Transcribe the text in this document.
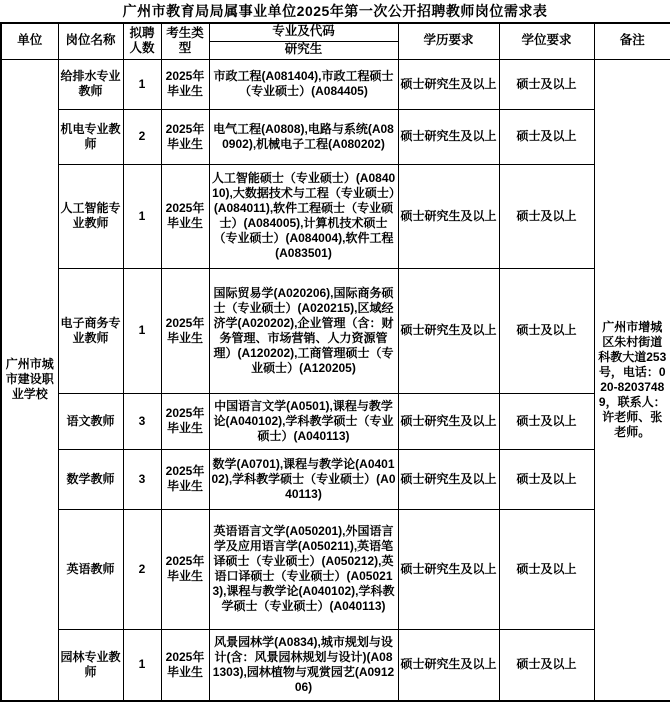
广州市教育局局属事业单位2025年第一次公开招聘教师岗位需求表
单位	岗位名称	拟聘人数	考生类型	专业及代码	学历要求	学位要求	备注
				研究生			
广州市城市建设职业学校	给排水专业教师	1	2025年毕业生	市政工程(A081404),市政工程硕士（专业硕士）(A084405)	硕士研究生及以上	硕士及以上	广州市增城区朱村街道科教大道253号，电话：020-82037489，联系人：许老师、张老师。
	机电专业教师	2	2025年毕业生	电气工程(A0808),电路与系统(A080902),机械电子工程(A080202)	硕士研究生及以上	硕士及以上	
	人工智能专业教师	1	2025年毕业生	人工智能硕士（专业硕士）(A084010),大数据技术与工程（专业硕士）(A084011),软件工程硕士（专业硕士）(A084005),计算机技术硕士（专业硕士）(A084004),软件工程(A083501)	硕士研究生及以上	硕士及以上	
	电子商务专业教师	1	2025年毕业生	国际贸易学(A020206),国际商务硕士（专业硕士）(A020215),区域经济学(A020202),企业管理（含：财务管理、市场营销、人力资源管理）(A120202),工商管理硕士（专业硕士）(A120205)	硕士研究生及以上	硕士及以上	
	语文教师	3	2025年毕业生	中国语言文学(A0501),课程与教学论(A040102),学科教学硕士（专业硕士）(A040113)	硕士研究生及以上	硕士及以上	
	数学教师	3	2025年毕业生	数学(A0701),课程与教学论(A040102),学科教学硕士（专业硕士）(A040113)	硕士研究生及以上	硕士及以上	
	英语教师	2	2025年毕业生	英语语言文学(A050201),外国语言学及应用语言学(A050211),英语笔译硕士（专业硕士）(A050212),英语口译硕士（专业硕士）(A050213),课程与教学论(A040102),学科教学硕士（专业硕士）(A040113)	硕士研究生及以上	硕士及以上	
	园林专业教师	1	2025年毕业生	风景园林学(A0834),城市规划与设计(含：风景园林规划与设计)(A081303),园林植物与观赏园艺(A091206)	硕士研究生及以上	硕士及以上	
